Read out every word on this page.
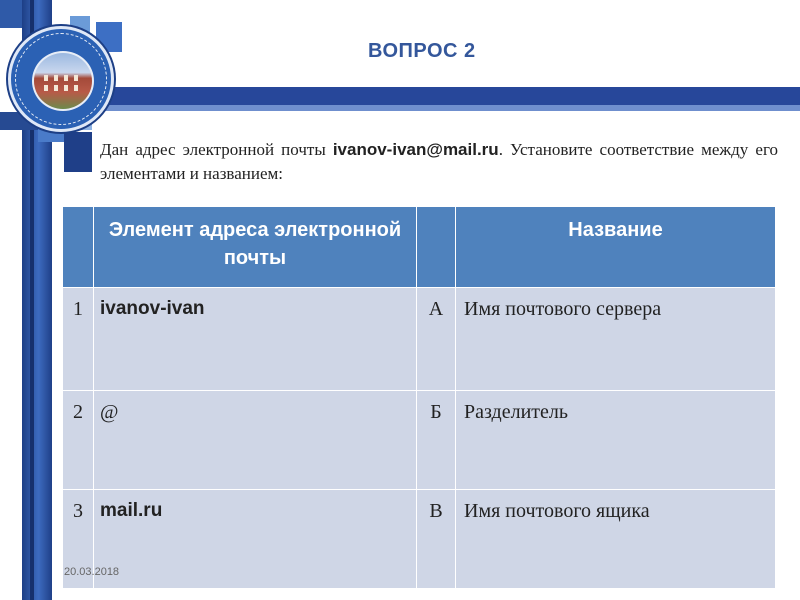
ВОПРОС 2
Дан адрес электронной почты ivanov-ivan@mail.ru. Установите соответствие между его элементами и названием:
	Элемент адреса электронной почты		Название
1	ivanov-ivan	А	Имя почтового сервера
2	@	Б	Разделитель
3	mail.ru	В	Имя почтового ящика
20.03.2018
